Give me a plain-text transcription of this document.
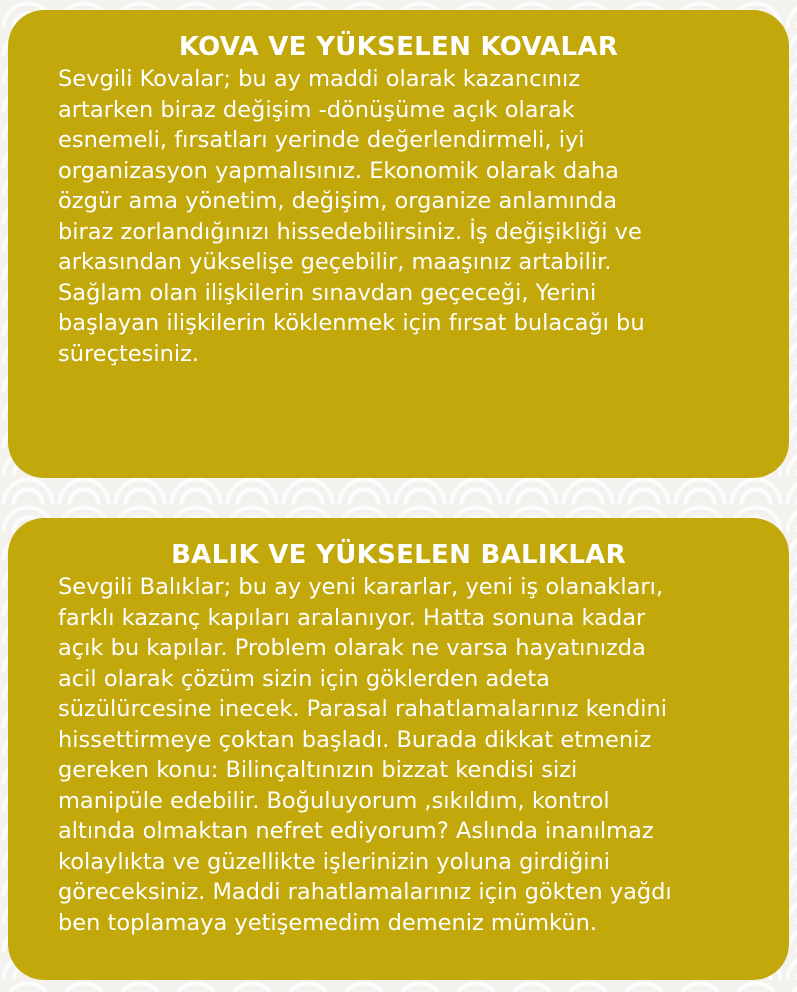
KOVA VE YÜKSELEN KOVALAR

Sevgili Kovalar; bu ay maddi olarak kazancınız
artarken biraz değişim -dönüşüme açık olarak
esnemeli, fırsatları yerinde değerlendirmeli, iyi
organizasyon yapmalısınız. Ekonomik olarak daha
özgür ama yönetim, değişim, organize anlamında
biraz zorlandığınızı hissedebilirsiniz. İş değişikliği ve
arkasından yükselişe geçebilir, maaşınız artabilir.
Sağlam olan ilişkilerin sınavdan geçeceği, Yerini
başlayan ilişkilerin köklenmek için fırsat bulacağı bu
süreçtesiniz.

BALIK VE YÜKSELEN BALIKLAR

Sevgili Balıklar; bu ay yeni kararlar, yeni iş olanakları,
farklı kazanç kapıları aralanıyor. Hatta sonuna kadar
açık bu kapılar. Problem olarak ne varsa hayatınızda
acil olarak çözüm sizin için göklerden adeta
süzülürcesine inecek. Parasal rahatlamalarınız kendini
hissettirmeye çoktan başladı. Burada dikkat etmeniz
gereken konu: Bilinçaltınızın bizzat kendisi sizi
manipüle edebilir. Boğuluyorum ,sıkıldım, kontrol
altında olmaktan nefret ediyorum? Aslında inanılmaz
kolaylıkta ve güzellikte işlerinizin yoluna girdiğini
göreceksiniz. Maddi rahatlamalarınız için gökten yağdı
ben toplamaya yetişemedim demeniz mümkün.
